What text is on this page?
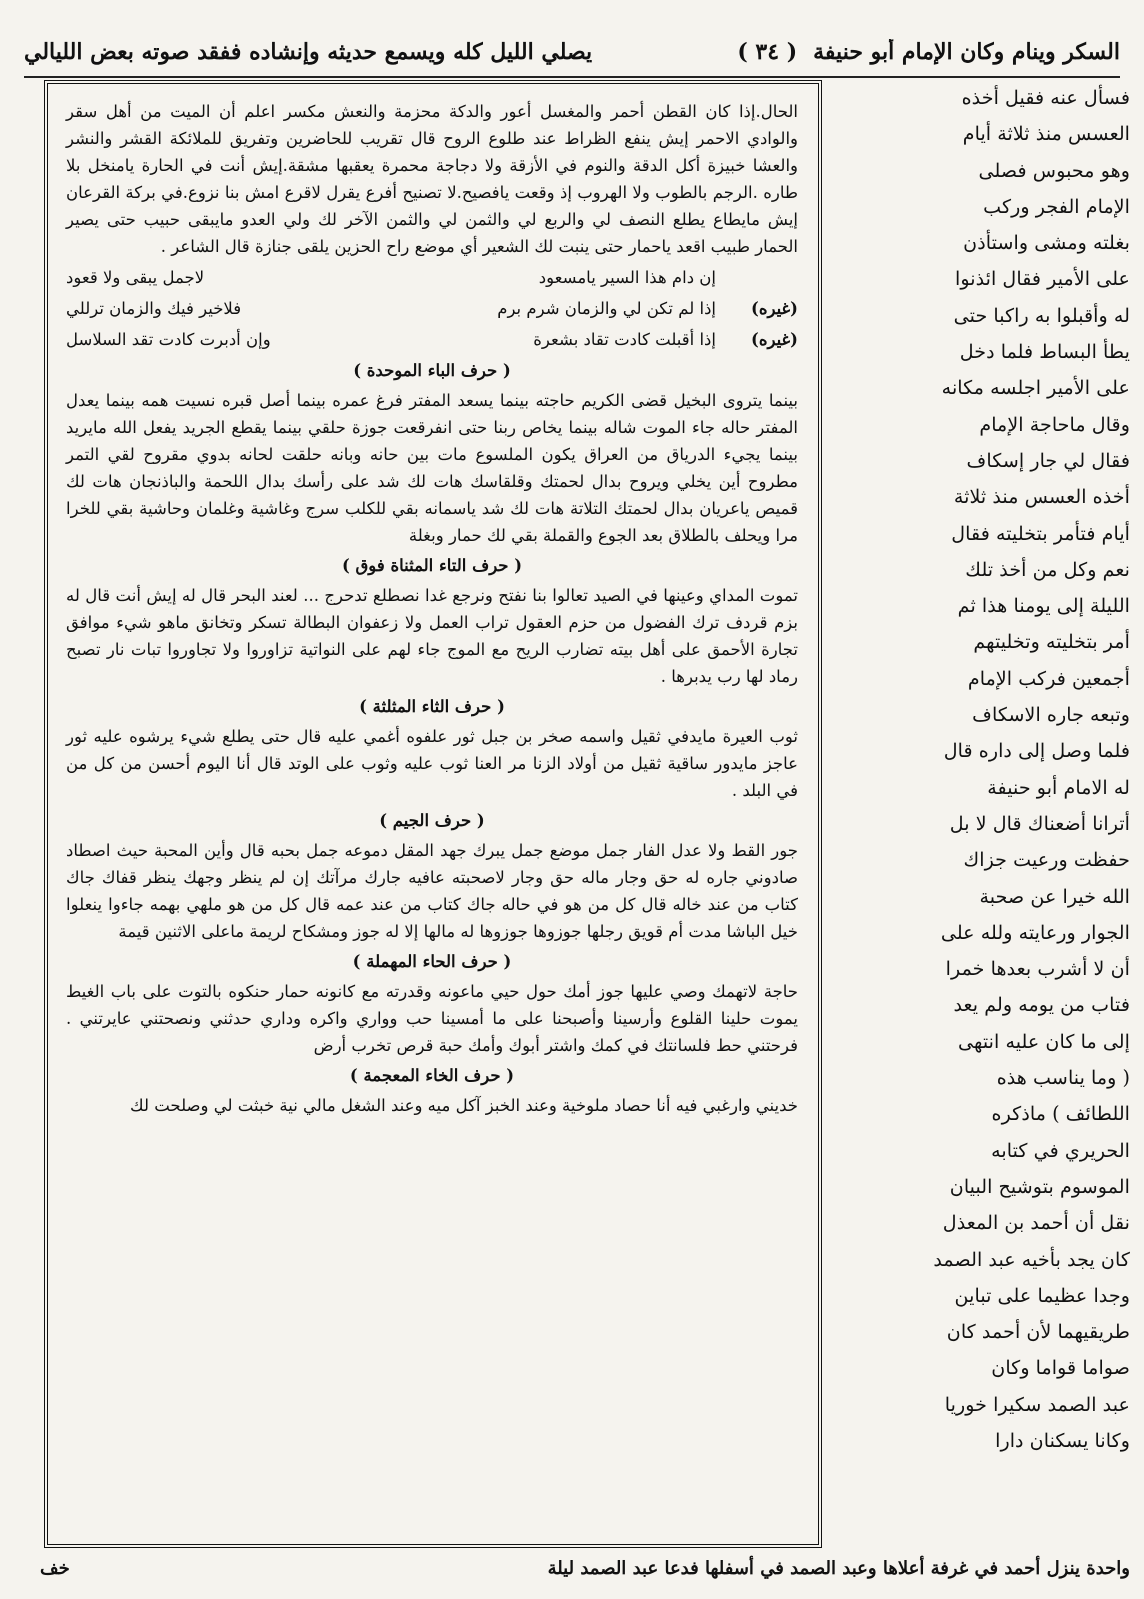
السكر وينام وكان الإمام أبو حنيفة
( ٣٤ )
يصلي الليل كله ويسمع حديثه وإنشاده ففقد صوته بعض الليالي
فسأل عنه فقيل أخذه
العسس منذ ثلاثة أيام
وهو محبوس فصلى
الإمام الفجر وركب
بغلته ومشى واستأذن
على الأمير فقال ائذنوا
له وأقبلوا به راكبا حتى
يطأ البساط فلما دخل
على الأمير اجلسه مكانه
وقال ماحاجة الإمام
فقال لي جار إسكاف
أخذه العسس منذ ثلاثة
أيام فتأمر بتخليته فقال
نعم وكل من أخذ تلك
الليلة إلى يومنا هذا ثم
أمر بتخليته وتخليتهم
أجمعين فركب الإمام
وتبعه جاره الاسكاف
فلما وصل إلى داره قال
له الامام أبو حنيفة
أترانا أضعناك قال لا بل
حفظت ورعيت جزاك
الله خيرا عن صحبة
الجوار ورعايته ولله على
أن لا أشرب بعدها خمرا
فتاب من يومه ولم يعد
إلى ما كان عليه انتهى
( وما يناسب هذه
اللطائف ) ماذكره
الحريري في كتابه
الموسوم بتوشيح البيان
نقل أن أحمد بن المعذل
كان يجد بأخيه عبد الصمد
وجدا عظيما على تباين
طريقيهما لأن أحمد كان
صواما قواما وكان
عبد الصمد سكيرا خوريا
وكانا يسكنان دارا

الحال.إذا كان القطن أحمر والمغسل أعور والدكة محزمة والنعش مكسر اعلم أن الميت من أهل سقر والوادي الاحمر إيش ينفع الظراط عند طلوع الروح قال تقريب للحاضرين وتفريق للملائكة القشر والنشر والعشا خبيزة أكل الدقة والنوم في الأزقة ولا دجاجة محمرة يعقبها مشقة.إيش أنت في الحارة يامنخل بلا طاره .الرجم بالطوب ولا الهروب إذ وقعت يافصيح.لا تصنيح أفرع يقرل لاقرع امش بنا نزوع.في بركة القرعان إيش مايطاع يطلع النصف لي والربع لي والثمن لي والثمن الآخر لك ولي العدو مايبقى حبيب حتى يصير الحمار طبيب اقعد ياحمار حتى ينبت لك الشعير أي موضع راح الحزين يلقى جنازة قال الشاعر .

إن دام هذا السير يامسعود
لاجمل يبقى ولا قعود
(غيره)
إذا لم تكن لي والزمان شرم برم
فلاخير فيك والزمان ترللي
(غيره)
إذا أقبلت كادت تقاد بشعرة
وإن أدبرت كادت تقد السلاسل
( حرف الباء الموحدة )

بينما يتروى البخيل قضى الكريم حاجته بينما يسعد المفتر فرغ عمره بينما أصل قبره نسيت همه بينما يعدل المفتر حاله جاء الموت شاله بينما يخاص ربنا حتى انفرقعت جوزة حلقي بينما يقطع الجريد يفعل الله مايريد بينما يجيء الدرياق من العراق يكون الملسوع مات بين حانه وبانه حلقت لحانه بدوي مقروح لقي التمر مطروح أين يخلي ويروح بدال لحمتك وقلقاسك هات لك شد على رأسك بدال اللحمة والباذنجان هات لك قميص ياعريان بدال لحمتك التلاتة هات لك شد ياسمانه بقي للكلب سرج وغاشية وغلمان وحاشية بقي للخرا مرا ويحلف بالطلاق بعد الجوع والقملة بقي لك حمار وبغلة

( حرف التاء المثناة فوق )

تموت المداي وعينها في الصيد تعالوا بنا نفتح ونرجع غدا نصطلع تدحرج ... لعند البحر قال له إيش أنت قال له بزم قردف ترك الفضول من حزم العقول تراب العمل ولا زعفوان البطالة تسكر وتخانق ماهو شيء موافق تجارة الأحمق على أهل بيته تضارب الريح مع الموج جاء لهم على النواتية تزاوروا ولا تجاوروا تبات نار تصبح رماد لها رب يدبرها .

( حرف الثاء المثلثة )

ثوب العيرة مايدفي ثقيل واسمه صخر بن جبل ثور علفوه أغمي عليه قال حتى يطلع شيء يرشوه عليه ثور عاجز مايدور ساقية ثقيل من أولاد الزنا مر العنا ثوب عليه وثوب على الوتد قال أنا اليوم أحسن من كل من في البلد .

( حرف الجيم )

جور القط ولا عدل الفار جمل موضع جمل يبرك جهد المقل دموعه جمل بحبه قال وأين المحبة حيث اصطاد صادوني جاره له حق وجار ماله حق وجار لاصحبته عافيه جارك مرآتك إن لم ينظر وجهك ينظر قفاك جاك كتاب من عند خاله قال كل من هو في حاله جاك كتاب من عند عمه قال كل من هو ملهي بهمه جاءوا ينعلوا خيل الباشا مدت أم قويق رجلها جوزوها جوزوها له مالها إلا له جوز ومشكاح لريمة ماعلى الاثنين قيمة

( حرف الحاء المهملة )

حاجة لاتهمك وصي عليها جوز أمك حول حيي ماعونه وقدرته مع كانونه حمار حنكوه بالتوت على باب الغيط يموت حلينا القلوع وأرسينا وأصبحنا على ما أمسينا حب وواري واكره وداري حدثني ونصحتني عايرتني . فرحتني حط فلسانتك في كمك واشتر أبوك وأمك حبة قرص تخرب أرض

( حرف الخاء المعجمة )

خديني وارغبي فيه أنا حصاد ملوخية وعند الخبز آكل ميه وعند الشغل مالي نية خبثت لي وصلحت لك

واحدة ينزل أحمد في غرفة أعلاها وعبد الصمد في أسفلها فدعا عبد الصمد ليلة
خف
